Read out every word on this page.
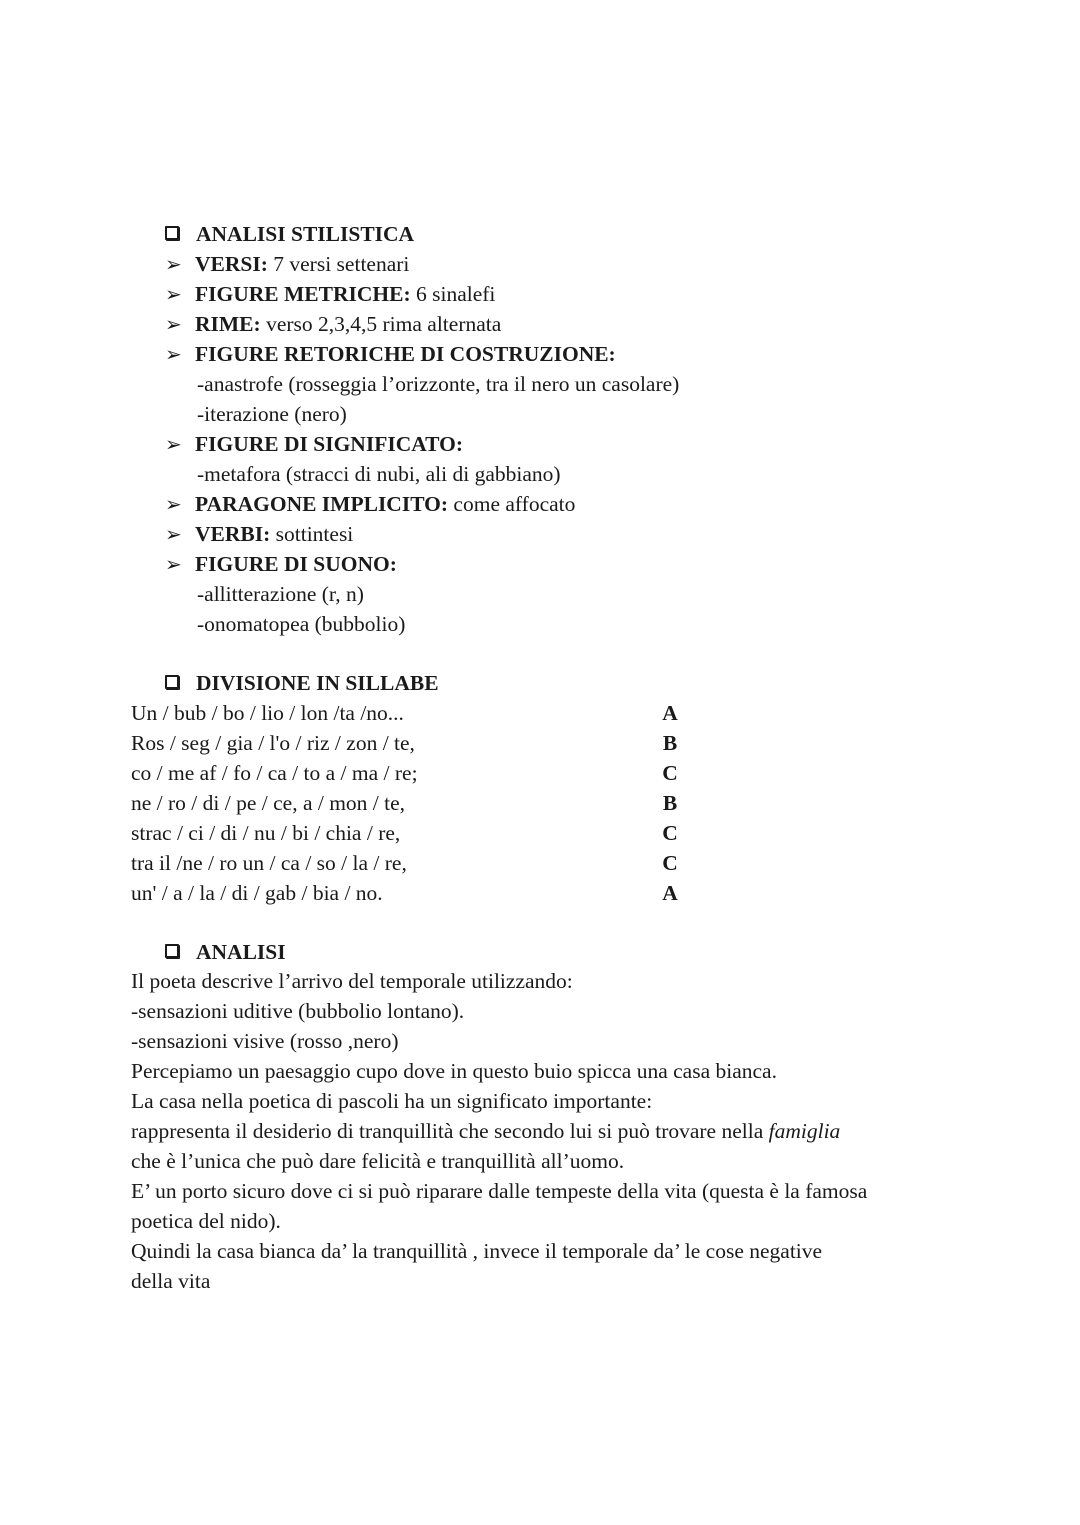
ANALISI STILISTICA
➢ VERSI: 7 versi settenari
➢ FIGURE METRICHE: 6 sinalefi
➢ RIME: verso 2,3,4,5 rima alternata
➢ FIGURE RETORICHE DI COSTRUZIONE:
-anastrofe (rosseggia l’orizzonte, tra il nero un casolare)
-iterazione (nero)
➢ FIGURE DI SIGNIFICATO:
-metafora (stracci di nubi, ali di gabbiano)
➢ PARAGONE IMPLICITO: come affocato
➢ VERBI: sottintesi
➢ FIGURE DI SUONO:
-allitterazione (r, n)
-onomatopea (bubbolio)
DIVISIONE IN SILLABE
Un / bub / bo / lio / lon /ta /no...	A
Ros / seg / gia / l'o / riz / zon / te,	B
co / me af / fo / ca / to a / ma / re;	C
ne / ro / di / pe / ce, a / mon / te,	B
strac / ci / di / nu / bi / chia / re,	C
tra il /ne / ro un / ca / so / la / re,	C
un' / a / la / di / gab / bia / no.	A
ANALISI
Il poeta descrive l’arrivo del temporale utilizzando:
-sensazioni uditive (bubbolio lontano).
-sensazioni visive (rosso ,nero)
Percepiamo un paesaggio cupo dove in questo buio spicca una casa bianca.
La casa nella poetica di pascoli ha un significato importante:
rappresenta il desiderio di tranquillità che secondo lui si può trovare nella famiglia
che è l’unica che può dare felicità e tranquillità all’uomo.
E’ un porto sicuro dove ci si può riparare dalle tempeste della vita (questa è la famosa
poetica del nido).
Quindi la casa bianca da’ la tranquillità , invece il temporale da’ le cose negative
della vita
